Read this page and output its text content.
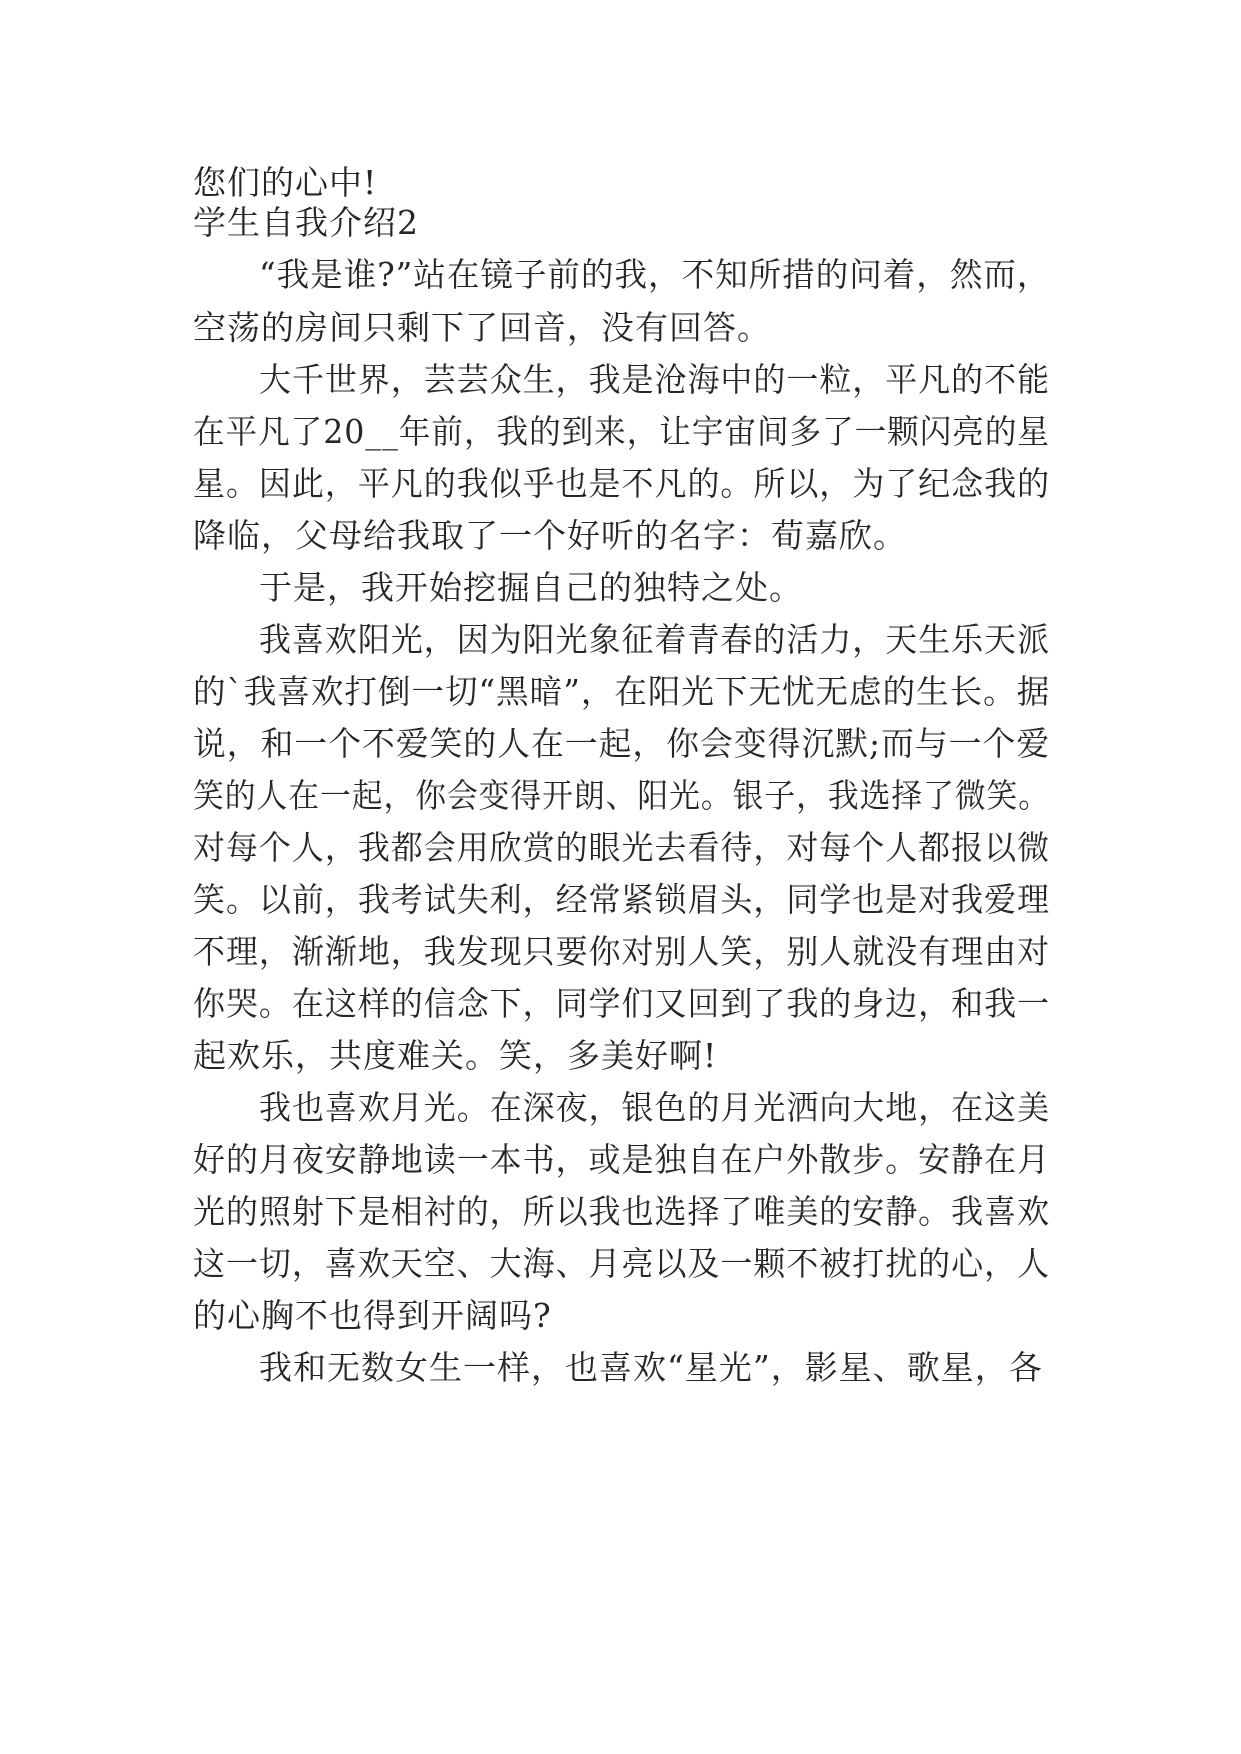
您们的心中!
学生自我介绍2
“我是谁?”站在镜子前的我，不知所措的问着，然而，
空荡的房间只剩下了回音，没有回答。
大千世界，芸芸众生，我是沧海中的一粒，平凡的不能
在平凡了20__年前，我的到来，让宇宙间多了一颗闪亮的星
星。因此，平凡的我似乎也是不凡的。所以，为了纪念我的
降临，父母给我取了一个好听的名字：荀嘉欣。
于是，我开始挖掘自己的独特之处。
我喜欢阳光，因为阳光象征着青春的活力，天生乐天派
的`我喜欢打倒一切“黑暗”，在阳光下无忧无虑的生长。据
说，和一个不爱笑的人在一起，你会变得沉默;而与一个爱
笑的人在一起，你会变得开朗、阳光。银子，我选择了微笑。
对每个人，我都会用欣赏的眼光去看待，对每个人都报以微
笑。以前，我考试失利，经常紧锁眉头，同学也是对我爱理
不理，渐渐地，我发现只要你对别人笑，别人就没有理由对
你哭。在这样的信念下，同学们又回到了我的身边，和我一
起欢乐，共度难关。笑，多美好啊!
我也喜欢月光。在深夜，银色的月光洒向大地，在这美
好的月夜安静地读一本书，或是独自在户外散步。安静在月
光的照射下是相衬的，所以我也选择了唯美的安静。我喜欢
这一切，喜欢天空、大海、月亮以及一颗不被打扰的心，人
的心胸不也得到开阔吗?
我和无数女生一样，也喜欢“星光”，影星、歌星，各
